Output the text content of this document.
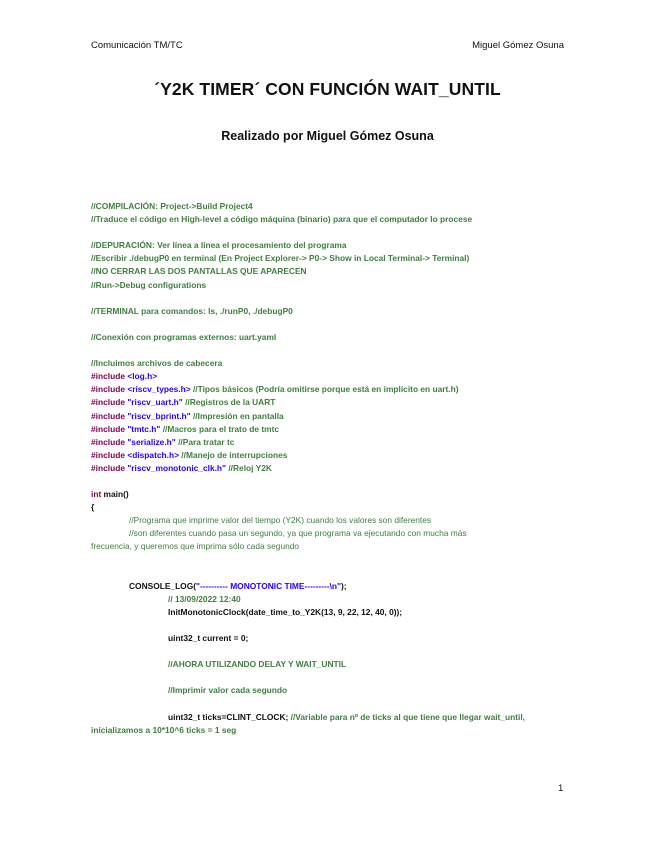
Comunicación TM/TC	Miguel Gómez Osuna
´Y2K TIMER´ CON FUNCIÓN WAIT_UNTIL
Realizado por Miguel Gómez Osuna
//COMPILACIÓN: Project->Build Project4
//Traduce el código en High-level a código máquina (binario) para que el computador lo procese
//DEPURACIÓN: Ver línea a línea el procesamiento del programa
//Escribir ./debugP0 en terminal (En Project Explorer-> P0-> Show in Local Terminal-> Terminal)
//NO CERRAR LAS DOS PANTALLAS QUE APARECEN
//Run->Debug configurations
//TERMINAL para comandos: ls, ./runP0, ./debugP0
//Conexión con programas externos: uart.yaml
//Incluimos archivos de cabecera
#include <log.h>
#include <riscv_types.h> //Tipos básicos (Podría omitirse porque está en implícito en uart.h)
#include "riscv_uart.h" //Registros de la UART
#include "riscv_bprint.h" //Impresión en pantalla
#include "tmtc.h" //Macros para el trato de tmtc
#include "serialize.h" //Para tratar tc
#include <dispatch.h> //Manejo de interrupciones
#include "riscv_monotonic_clk.h" //Reloj Y2K
int main()
{
//Programa que imprime valor del tiempo (Y2K) cuando los valores son diferentes
//son diferentes cuando pasa un segundo, ya que programa va ejecutando con mucha más
frecuencia, y queremos que imprima sólo cada segundo
CONSOLE_LOG("---------- MONOTONIC TIME---------\n");
// 13/09/2022 12:40
InitMonotonicClock(date_time_to_Y2K(13, 9, 22, 12, 40, 0));
uint32_t current = 0;
//AHORA UTILIZANDO DELAY Y WAIT_UNTIL
//Imprimir valor cada segundo
uint32_t ticks=CLINT_CLOCK; //Variable para nº de ticks al que tiene que llegar wait_until,
inicializamos a 10*10^6 ticks = 1 seg
1
